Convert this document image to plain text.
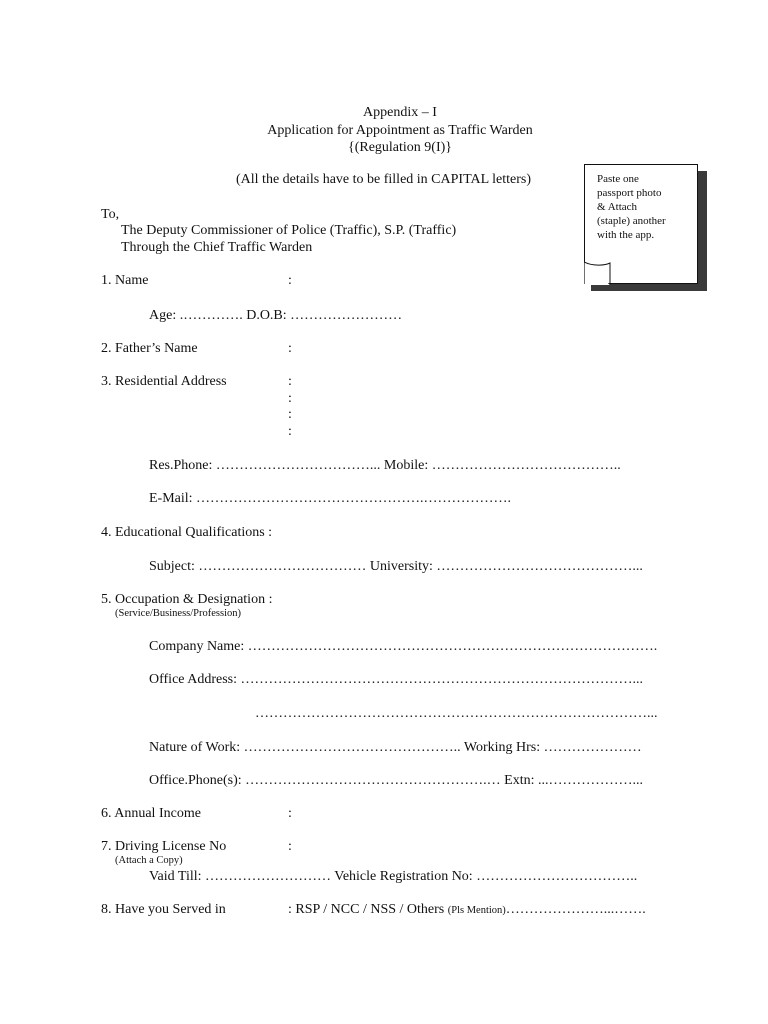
Appendix – I
Application for Appointment as Traffic Warden
{(Regulation 9(I)}
(All the details have to be filled in CAPITAL letters)	Paste one
passport photo
& Attach
(staple) another
with the app.
To,
The Deputy Commissioner of Police (Traffic), S.P. (Traffic)
Through the Chief Traffic Warden
1. Name	:
Age: .…………. D.O.B: ……………………
2. Father’s Name	:
3. Residential Address	:
:
:
:
Res.Phone: ……………………………... Mobile: …………………………………..
E-Mail: ………………………………………….……………….
4. Educational Qualifications :
Subject: ……………………………… University: ……………………………………...
5. Occupation & Designation :
(Service/Business/Profession)
Company Name: …………………………………………………………………………….
Office Address: …………………………………………………………………………...
…………………………………………………………………………...
Nature of Work: ……………………………………….. Working Hrs: …………………
Office.Phone(s): …………………………………………….… Extn: ...………………...
6. Annual Income	:
7. Driving License No	:
(Attach a Copy)
Vaid Till: ……………………… Vehicle Registration No: ……………………………..
8. Have you Served in	: RSP / NCC / NSS / Others (Pls Mention)…………………...…….
